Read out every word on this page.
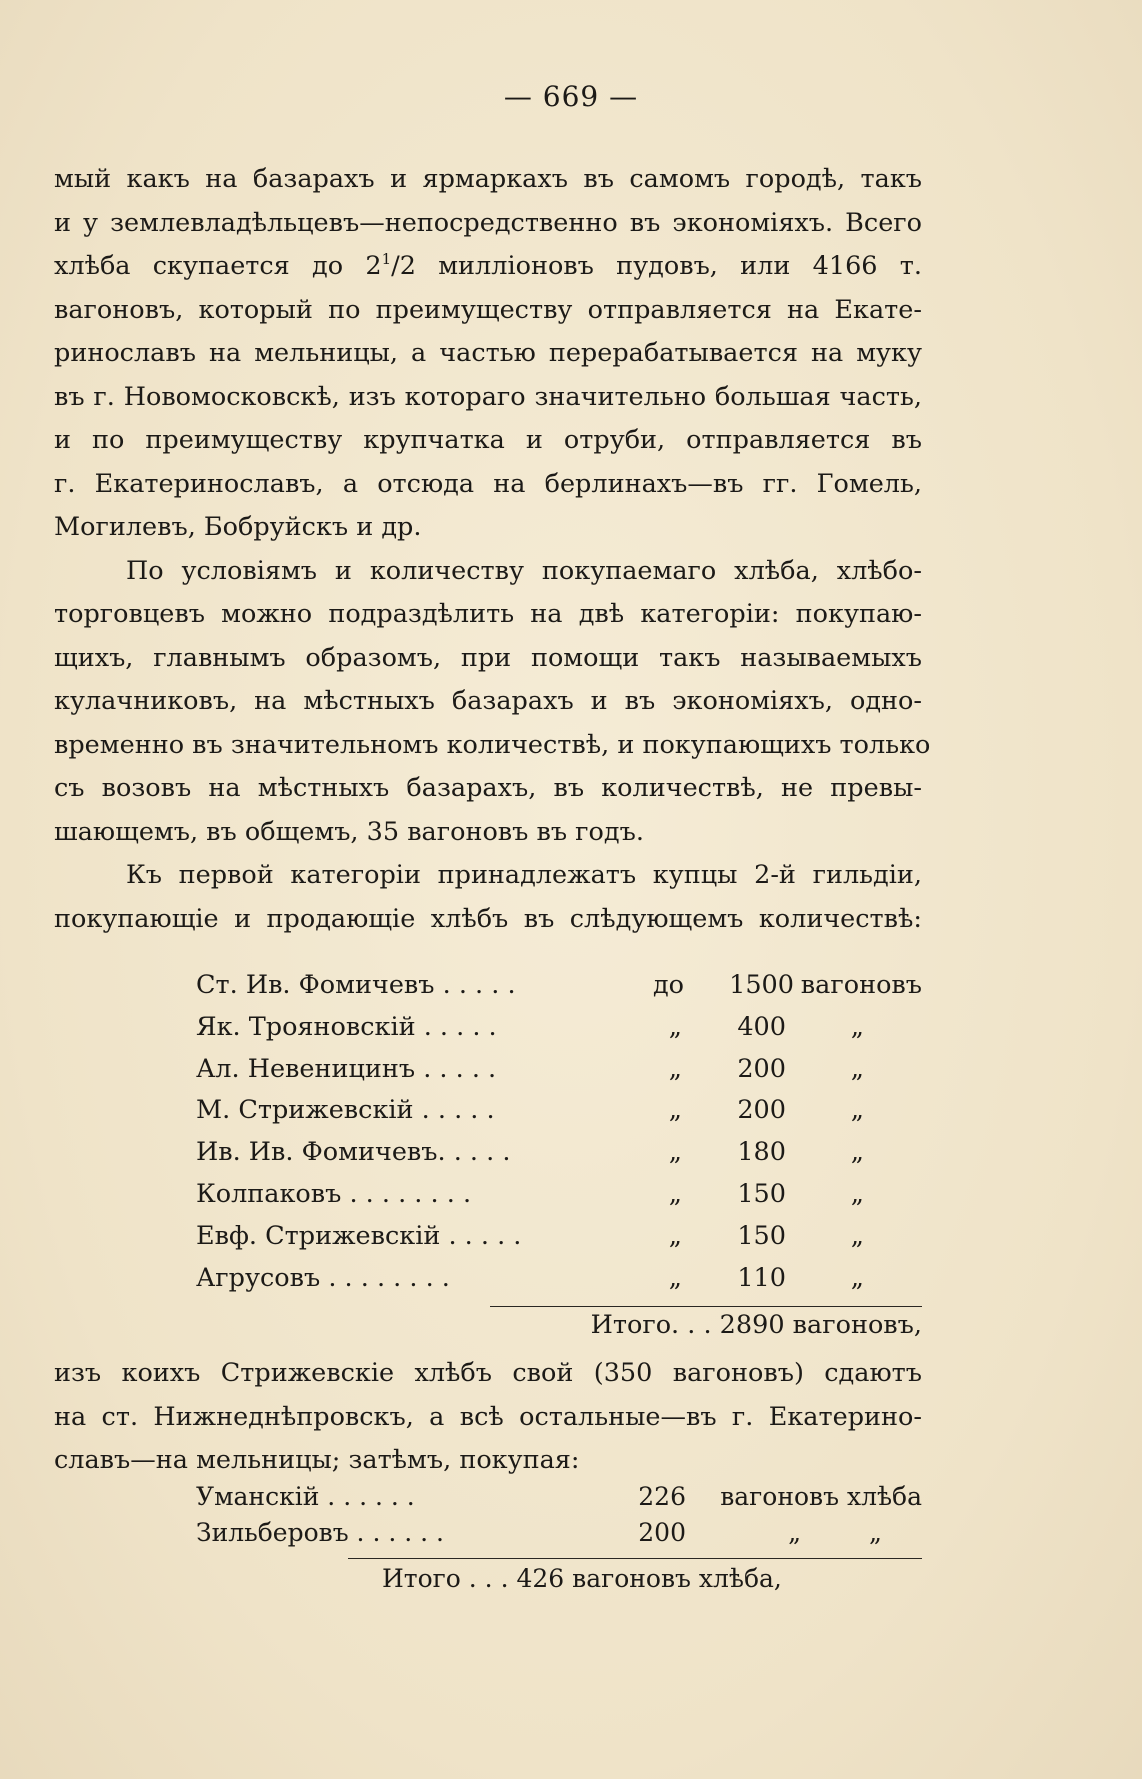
— 669 —
мый какъ на базарахъ и ярмаркахъ въ самомъ городѣ, такъ
и у землевладѣльцевъ—непосредственно въ экономіяхъ. Всего
хлѣба скупается до $2^1/2$ милліоновъ пудовъ, или 4166 т.
вагоновъ, который по преимуществу отправляется на Екате-
ринославъ на мельницы, а частью перерабатывается на муку
въ г. Новомосковскѣ, изъ котораго значительно большая часть,
и по преимуществу крупчатка и отруби, отправляется въ
г. Екатеринославъ, а отсюда на берлинахъ—въ гг. Гомель,
Могилевъ, Бобруйскъ и др.
По условіямъ и количеству покупаемаго хлѣба, хлѣбо-
торговцевъ можно подраздѣлить на двѣ категоріи: покупаю-
щихъ, главнымъ образомъ, при помощи такъ называемыхъ
кулачниковъ, на мѣстныхъ базарахъ и въ экономіяхъ, одно-
временно въ значительномъ количествѣ, и покупающихъ только
съ возовъ на мѣстныхъ базарахъ, въ количествѣ, не превы-
шающемъ, въ общемъ, 35 вагоновъ въ годъ.
Къ первой категоріи принадлежатъ купцы 2-й гильдіи,
покупающіе и продающіе хлѣбъ въ слѣдующемъ количествѣ:
Ст. Ив. Фомичевъ . . . . .	до 1500 вагоновъ
Як. Трояновскій . . . . .	„ 400	„
Ал. Невеницинъ . . . . .	„ 200	„
М. Стрижевскій . . . . .	„ 200	„
Ив. Ив. Фомичевъ. . . . .	„ 180	„
Колпаковъ . . . . . . . .	„ 150	„
Евф. Стрижевскій . . . . .	„ 150	„
Агрусовъ . . . . . . . .	„ 110	„
Итого. . . 2890 вагоновъ,
изъ коихъ Стрижевскіе хлѣбъ свой (350 вагоновъ) сдаютъ
на ст. Нижнеднѣпровскъ, а всѣ остальные—въ г. Екатерино-
славъ—на мельницы; затѣмъ, покупая:
Уманскій . . . . . .	226 вагоновъ хлѣба
Зильберовъ . . . . . .	200	„ „
Итого . . . 426 вагоновъ хлѣба,
